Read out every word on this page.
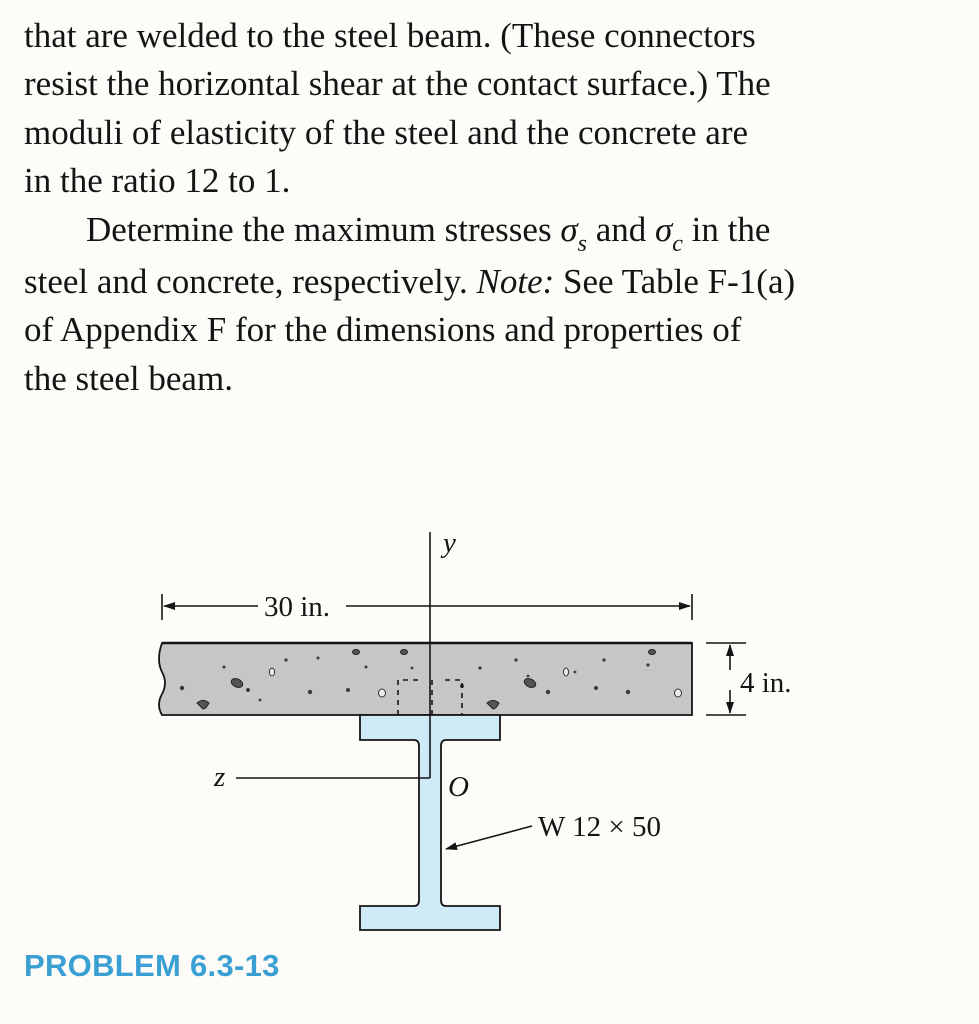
that are welded to the steel beam. (These connectors
resist the horizontal shear at the contact surface.) The
moduli of elasticity of the steel and the concrete are
in the ratio 12 to 1.
Determine the maximum stresses $\sigma_s$ and $\sigma_c$ in the
steel and concrete, respectively. Note: See Table F-1(a)
of Appendix F for the dimensions and properties of
the steel beam.
30 in.
4 in.
y
z	O
W 12 × 50
PROBLEM 6.3-13
